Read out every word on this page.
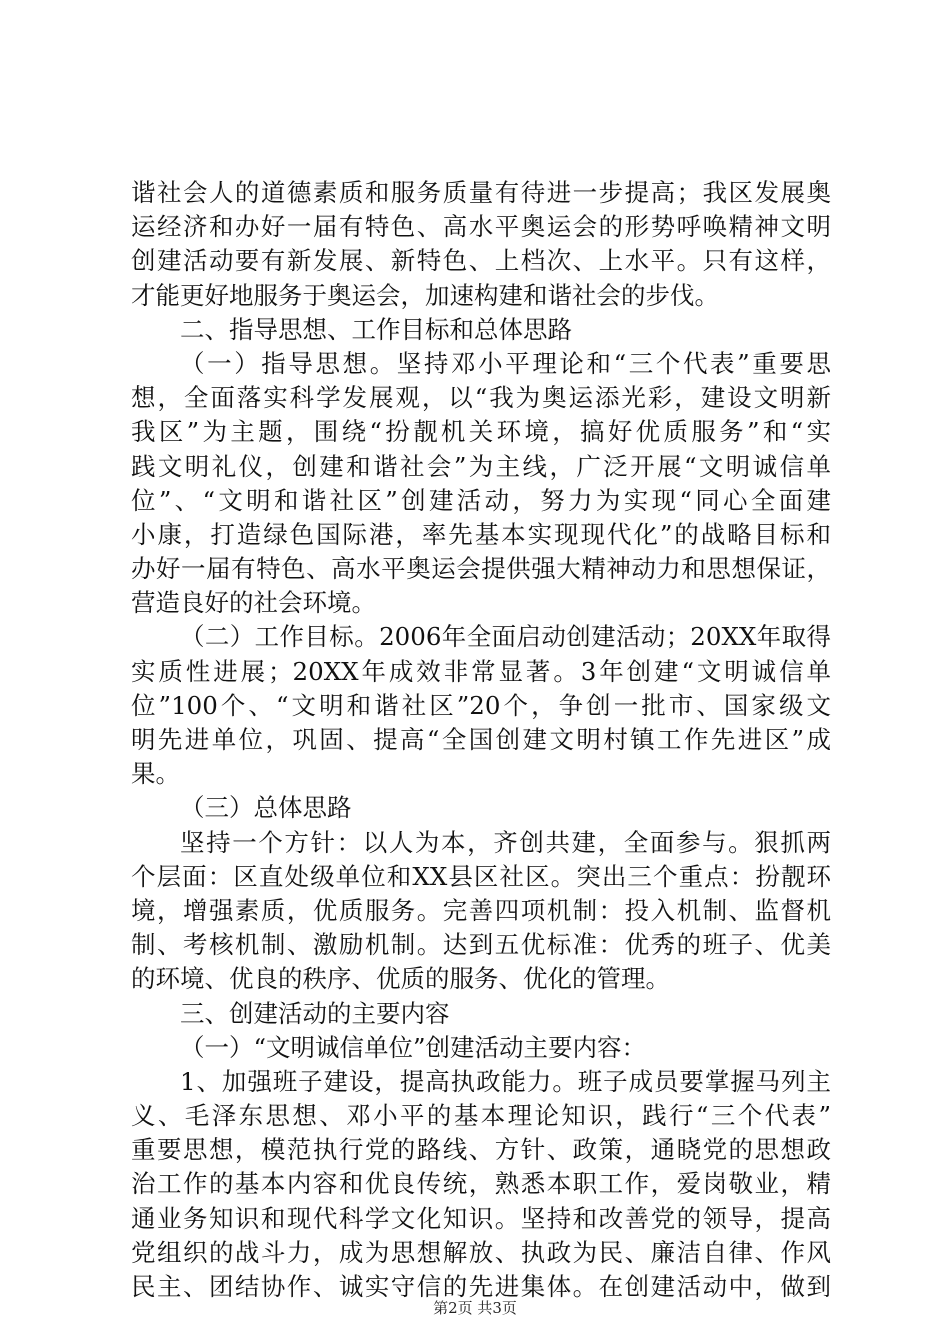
谐社会人的道德素质和服务质量有待进一步提高；我区发展奥
运经济和办好一届有特色、高水平奥运会的形势呼唤精神文明
创建活动要有新发展、新特色、上档次、上水平。只有这样，
才能更好地服务于奥运会，加速构建和谐社会的步伐。
二、指导思想、工作目标和总体思路
（一）指导思想。坚持邓小平理论和“三个代表”重要思
想，全面落实科学发展观，以“我为奥运添光彩，建设文明新
我区”为主题，围绕“扮靓机关环境，搞好优质服务”和“实
践文明礼仪，创建和谐社会”为主线，广泛开展“文明诚信单
位”、“文明和谐社区”创建活动，努力为实现“同心全面建
小康，打造绿色国际港，率先基本实现现代化”的战略目标和
办好一届有特色、高水平奥运会提供强大精神动力和思想保证，
营造良好的社会环境。
（二）工作目标。2006年全面启动创建活动；20XX年取得
实质性进展；20XX年成效非常显著。3年创建“文明诚信单
位”100个、“文明和谐社区”20个，争创一批市、国家级文
明先进单位，巩固、提高“全国创建文明村镇工作先进区”成
果。
（三）总体思路
坚持一个方针：以人为本，齐创共建，全面参与。狠抓两
个层面：区直处级单位和XX县区社区。突出三个重点：扮靓环
境，增强素质，优质服务。完善四项机制：投入机制、监督机
制、考核机制、激励机制。达到五优标准：优秀的班子、优美
的环境、优良的秩序、优质的服务、优化的管理。
三、创建活动的主要内容
（一）“文明诚信单位”创建活动主要内容：
1、加强班子建设，提高执政能力。班子成员要掌握马列主
义、毛泽东思想、邓小平的基本理论知识，践行“三个代表”
重要思想，模范执行党的路线、方针、政策，通晓党的思想政
治工作的基本内容和优良传统，熟悉本职工作，爱岗敬业，精
通业务知识和现代科学文化知识。坚持和改善党的领导，提高
党组织的战斗力，成为思想解放、执政为民、廉洁自律、作风
民主、团结协作、诚实守信的先进集体。在创建活动中，做到
第2页 共3页
